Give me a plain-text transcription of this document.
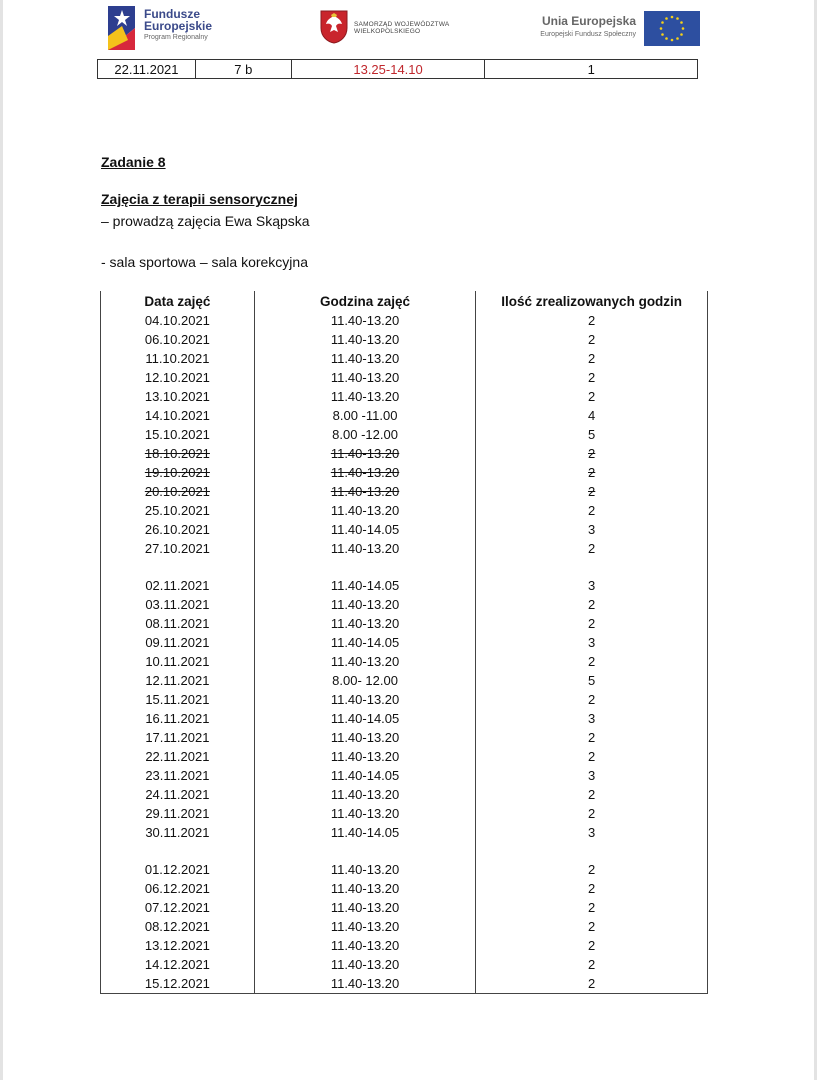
Fundusze
Europejskie
Program Regionalny
SAMORZĄD WOJEWÓDZTWA
WIELKOPOLSKIEGO
Unia Europejska
Europejski Fundusz Społeczny
22.11.2021	7 b	13.25-14.10	1
Zadanie 8
Zajęcia z terapii sensorycznej
– prowadzą zajęcia Ewa Skąpska
- sala sportowa – sala korekcyjna
Data zajęć	Godzina zajęć	Ilość zrealizowanych godzin
04.10.2021	11.40-13.20	2
06.10.2021	11.40-13.20	2
11.10.2021	11.40-13.20	2
12.10.2021	11.40-13.20	2
13.10.2021	11.40-13.20	2
14.10.2021	8.00 -11.00	4
15.10.2021	8.00 -12.00	5
18.10.2021	11.40-13.20	2
19.10.2021	11.40-13.20	2
20.10.2021	11.40-13.20	2
25.10.2021	11.40-13.20	2
26.10.2021	11.40-14.05	3
27.10.2021	11.40-13.20	2

02.11.2021	11.40-14.05	3
03.11.2021	11.40-13.20	2
08.11.2021	11.40-13.20	2
09.11.2021	11.40-14.05	3
10.11.2021	11.40-13.20	2
12.11.2021	8.00- 12.00	5
15.11.2021	11.40-13.20	2
16.11.2021	11.40-14.05	3
17.11.2021	11.40-13.20	2
22.11.2021	11.40-13.20	2
23.11.2021	11.40-14.05	3
24.11.2021	11.40-13.20	2
29.11.2021	11.40-13.20	2
30.11.2021	11.40-14.05	3

01.12.2021	11.40-13.20	2
06.12.2021	11.40-13.20	2
07.12.2021	11.40-13.20	2
08.12.2021	11.40-13.20	2
13.12.2021	11.40-13.20	2
14.12.2021	11.40-13.20	2
15.12.2021	11.40-13.20	2
